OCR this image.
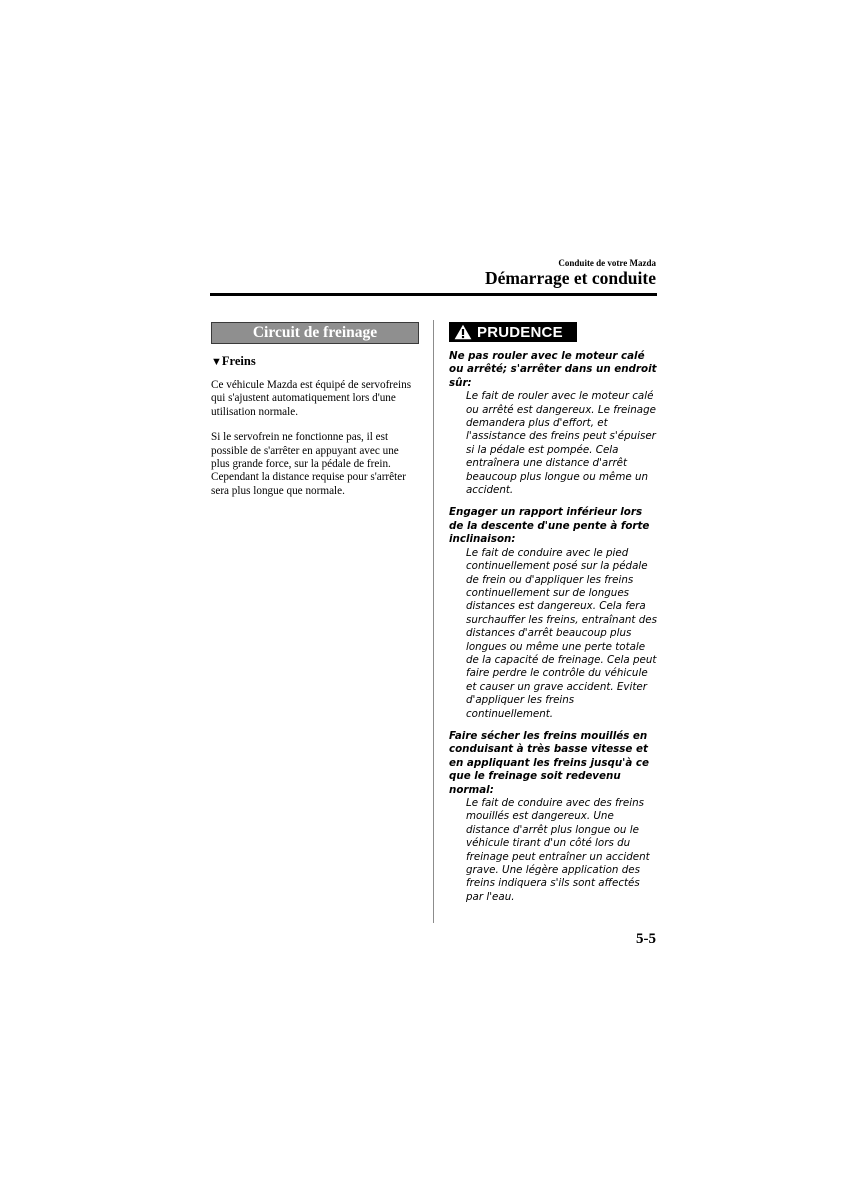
Conduite de votre Mazda
Démarrage et conduite
Circuit de freinage
▼Freins
Ce véhicule Mazda est équipé de servofreins qui s'ajustent automatiquement lors d'une utilisation normale.
Si le servofrein ne fonctionne pas, il est possible de s'arrêter en appuyant avec une plus grande force, sur la pédale de frein. Cependant la distance requise pour s'arrêter sera plus longue que normale.
PRUDENCE
Ne pas rouler avec le moteur calé ou arrêté; s'arrêter dans un endroit sûr:
Le fait de rouler avec le moteur calé ou arrêté est dangereux. Le freinage demandera plus d'effort, et l'assistance des freins peut s'épuiser si la pédale est pompée. Cela entraînera une distance d'arrêt beaucoup plus longue ou même un accident.
Engager un rapport inférieur lors de la descente d'une pente à forte inclinaison:
Le fait de conduire avec le pied continuellement posé sur la pédale de frein ou d'appliquer les freins continuellement sur de longues distances est dangereux. Cela fera surchauffer les freins, entraînant des distances d'arrêt beaucoup plus longues ou même une perte totale de la capacité de freinage. Cela peut faire perdre le contrôle du véhicule et causer un grave accident. Eviter d'appliquer les freins continuellement.
Faire sécher les freins mouillés en conduisant à très basse vitesse et en appliquant les freins jusqu'à ce que le freinage soit redevenu normal:
Le fait de conduire avec des freins mouillés est dangereux. Une distance d'arrêt plus longue ou le véhicule tirant d'un côté lors du freinage peut entraîner un accident grave. Une légère application des freins indiquera s'ils sont affectés par l'eau.
5-5
